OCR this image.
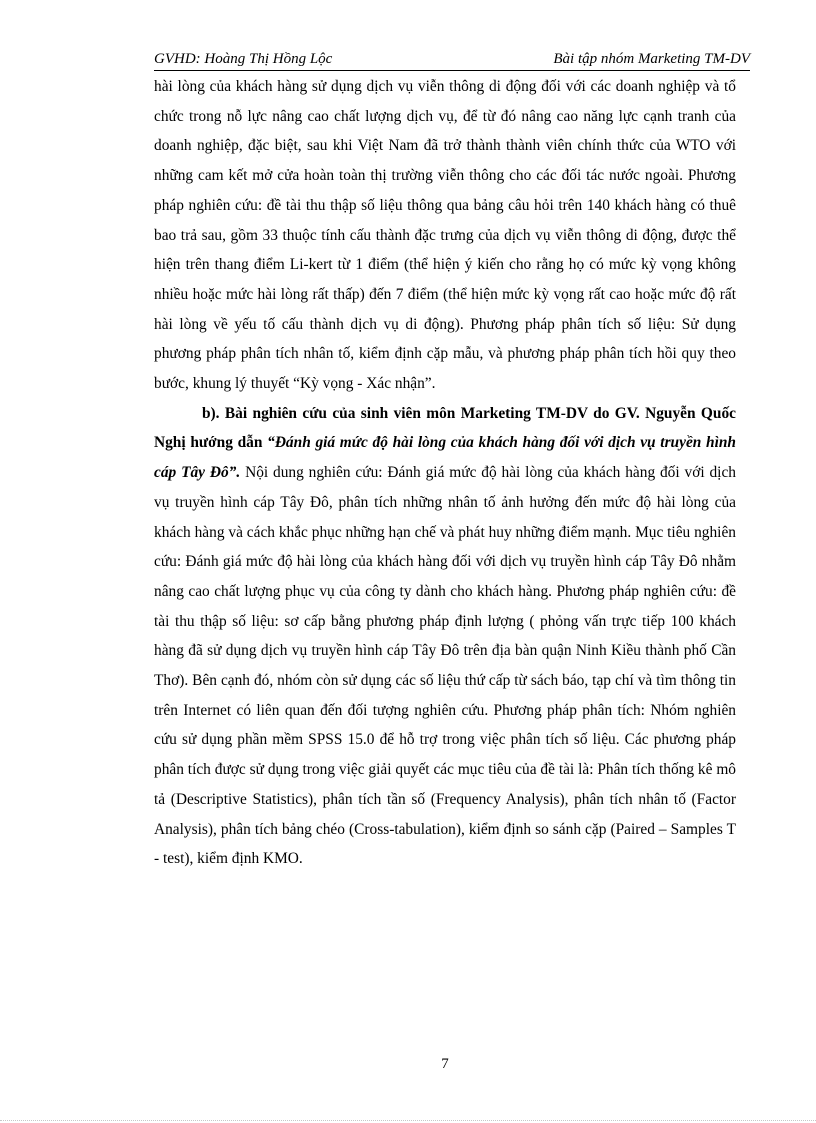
GVHD: Hoàng Thị Hồng Lộc	Bài tập nhóm Marketing TM-DV

hài lòng của khách hàng sử dụng dịch vụ viễn thông di động đối với các doanh nghiệp và tổ chức trong nỗ lực nâng cao chất lượng dịch vụ, để từ đó nâng cao năng lực cạnh tranh của doanh nghiệp, đặc biệt, sau khi Việt Nam đã trở thành thành viên chính thức của WTO với những cam kết mở cửa hoàn toàn thị trường viễn thông cho các đối tác nước ngoài. Phương pháp nghiên cứu: đề tài thu thập số liệu thông qua bảng câu hỏi trên 140 khách hàng có thuê bao trả sau, gồm 33 thuộc tính cấu thành đặc trưng của dịch vụ viễn thông di động, được thể hiện trên thang điểm Li-kert từ 1 điểm (thể hiện ý kiến cho rằng họ có mức kỳ vọng không nhiều hoặc mức hài lòng rất thấp) đến 7 điểm (thể hiện mức kỳ vọng rất cao hoặc mức độ rất hài lòng về yếu tố cấu thành dịch vụ di động). Phương pháp phân tích số liệu: Sử dụng phương pháp phân tích nhân tố, kiểm định cặp mẫu, và phương pháp phân tích hồi quy theo bước, khung lý thuyết “Kỳ vọng - Xác nhận”.

b). Bài nghiên cứu của sinh viên môn Marketing TM-DV do GV. Nguyễn Quốc Nghị hướng dẫn “Đánh giá mức độ hài lòng của khách hàng đối với dịch vụ truyền hình cáp Tây Đô”. Nội dung nghiên cứu: Đánh giá mức độ hài lòng của khách hàng đối với dịch vụ truyền hình cáp Tây Đô, phân tích những nhân tố ảnh hưởng đến mức độ hài lòng của khách hàng và cách khắc phục những hạn chế và phát huy những điểm mạnh. Mục tiêu nghiên cứu: Đánh giá mức độ hài lòng của khách hàng đối với dịch vụ truyền hình cáp Tây Đô nhằm nâng cao chất lượng phục vụ của công ty dành cho khách hàng. Phương pháp nghiên cứu: đề tài thu thập số liệu: sơ cấp bằng phương pháp định lượng ( phỏng vấn trực tiếp 100 khách hàng đã sử dụng dịch vụ truyền hình cáp Tây Đô trên địa bàn quận Ninh Kiều thành phố Cần Thơ). Bên cạnh đó, nhóm còn sử dụng các số liệu thứ cấp từ sách báo, tạp chí và tìm thông tin trên Internet có liên quan đến đối tượng nghiên cứu. Phương pháp phân tích: Nhóm nghiên cứu sử dụng phần mềm SPSS 15.0 để hỗ trợ trong việc phân tích số liệu. Các phương pháp phân tích được sử dụng trong việc giải quyết các mục tiêu của đề tài là: Phân tích thống kê mô tả (Descriptive Statistics), phân tích tần số (Frequency Analysis), phân tích nhân tố (Factor Analysis), phân tích bảng chéo (Cross-tabulation), kiểm định so sánh cặp (Paired – Samples T - test), kiểm định KMO.

7
